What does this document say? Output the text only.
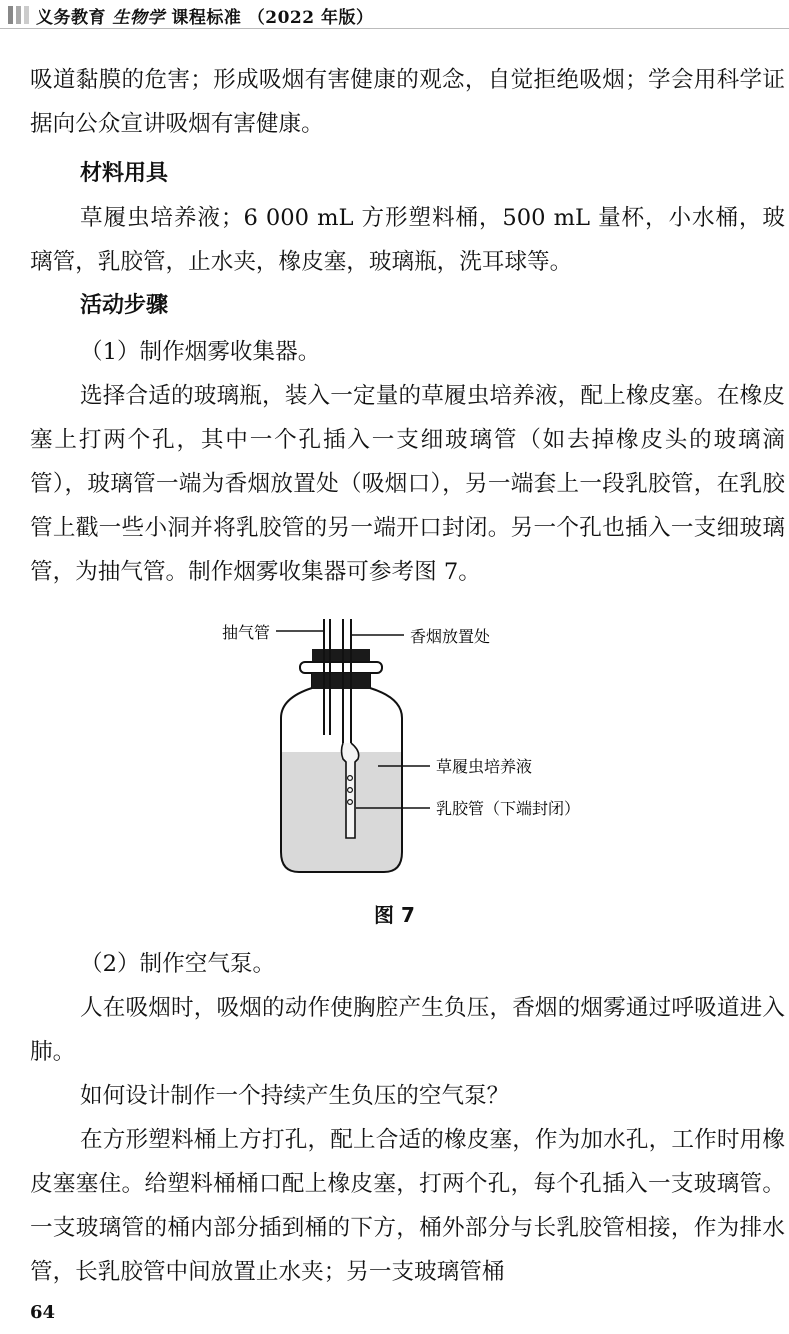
义务教育 生物学 课程标准 （2022 年版）

吸道黏膜的危害；形成吸烟有害健康的观念，自觉拒绝吸烟；学会用科学证据向公众宣讲吸烟有害健康。

材料用具

草履虫培养液；6 000 mL 方形塑料桶，500 mL 量杯，小水桶，玻璃管，乳胶管，止水夹，橡皮塞，玻璃瓶，洗耳球等。

活动步骤

（1）制作烟雾收集器。

选择合适的玻璃瓶，装入一定量的草履虫培养液，配上橡皮塞。在橡皮塞上打两个孔，其中一个孔插入一支细玻璃管（如去掉橡皮头的玻璃滴管），玻璃管一端为香烟放置处（吸烟口），另一端套上一段乳胶管，在乳胶管上戳一些小洞并将乳胶管的另一端开口封闭。另一个孔也插入一支细玻璃管，为抽气管。制作烟雾收集器可参考图 7。

抽气管	香烟放置处
草履虫培养液
乳胶管（下端封闭）
图 7

（2）制作空气泵。

人在吸烟时，吸烟的动作使胸腔产生负压，香烟的烟雾通过呼吸道进入肺。

如何设计制作一个持续产生负压的空气泵？

在方形塑料桶上方打孔，配上合适的橡皮塞，作为加水孔，工作时用橡皮塞塞住。给塑料桶桶口配上橡皮塞，打两个孔，每个孔插入一支玻璃管。一支玻璃管的桶内部分插到桶的下方，桶外部分与长乳胶管相接，作为排水管，长乳胶管中间放置止水夹；另一支玻璃管桶

64
